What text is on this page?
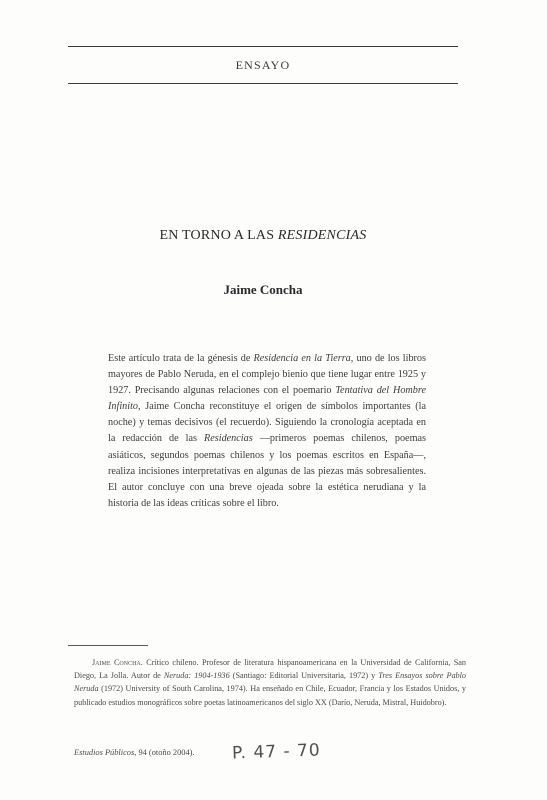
ENSAYO
EN TORNO A LAS RESIDENCIAS
Jaime Concha

Este artículo trata de la génesis de Residencia en la Tierra, uno de los libros mayores de Pablo Neruda, en el complejo bienio que tiene lugar entre 1925 y 1927. Precisando algunas relaciones con el poemario Tentativa del Hombre Infinito, Jaime Concha reconstituye el origen de símbolos importantes (la noche) y temas decisivos (el recuerdo). Siguiendo la cronología aceptada en la redacción de las Residencias —primeros poemas chilenos, poemas asiáticos, segundos poemas chilenos y los poemas escritos en España—, realiza incisiones interpretativas en algunas de las piezas más sobresalientes. El autor concluye con una breve ojeada sobre la estética nerudiana y la historia de las ideas críticas sobre el libro.

Jaime Concha. Crítico chileno. Profesor de literatura hispanoamericana en la Universidad de California, San Diego, La Jolla. Autor de Neruda: 1904-1936 (Santiago: Editorial Universitaria, 1972) y Tres Ensayos sobre Pablo Neruda (1972) University of South Carolina, 1974). Ha enseñado en Chile, Ecuador, Francia y los Estados Unidos, y publicado estudios monográficos sobre poetas latinoamericanos del siglo XX (Darío, Neruda, Mistral, Huidobro).

Estudios Públicos, 94 (otoño 2004). P. 47 - 70
